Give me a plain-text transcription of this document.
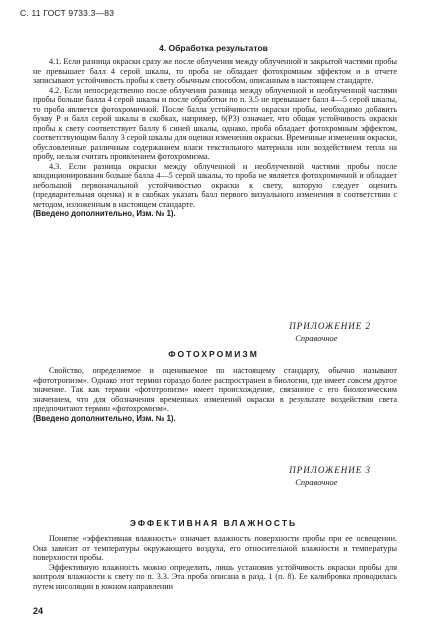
С. 11 ГОСТ 9733.3—83
4. Обработка результатов

4.1. Если разница окраски сразу же после облучения между облученной и закрытой частями пробы не превышает балл 4 серой шкалы, то проба не обладает фотохромным эффектом и в отчете записывают устойчивость пробы к свету обычным способом, описанным в настоящем стандарте.

4.2. Если непосредственно после облучения разница между облученной и необлученной частями пробы больше балла 4 серой шкалы и после обработки по п. 3.5 не превышает балл 4—5 серой шкалы, то проба является фотохромичной. После балла устойчивости окраски пробы, необходимо добавить букву Р и балл серой шкалы в скобках, например, 6(Р3) означает, что общая устойчивость окраски пробы к свету соответствует баллу 6 синей шкалы, однако, проба обладает фотохромным эффектом, соответствующим баллу 3 серой шкалы для оценки изменения окраски. Временные изменения окраски, обусловленные различным содержанием влаги текстильного материала или воздействием тепла на пробу, нельзя считать проявлением фотохромизма.

4.3. Если разница окраски между облученной и необлученной частями пробы после кондиционирования больше балла 4—5 серой шкалы, то проба не является фотохромичной и обладает небольшой первоначальной устойчивостью окраски к свету, которую следует оценить (предварительная оценка) и в скобках указать балл первого визуального изменения в соответствии с методом, изложенным в настоящем стандарте.

(Введено дополнительно, Изм. № 1).

ПРИЛОЖЕНИЕ 2
Справочное
ФОТОХРОМИЗМ

Свойство, определяемое и оцениваемое по настоящему стандарту, обычно называют «фототропизм». Однако этот термин гораздо более распространен в биологии, где имеет совсем другое значение. Так как термин «фототропизм» имеет происхождение, связанное с его биологическим значением, что для обозначения временных изменений окраски в результате воздействия света предпочитают термин «фотохромизм».

(Введено дополнительно, Изм. № 1).

ПРИЛОЖЕНИЕ 3
Справочное
ЭФФЕКТИВНАЯ ВЛАЖНОСТЬ

Понятие «эффективная влажность» означает влажность поверхности пробы при ее освещении. Она зависит от температуры окружающего воздуха, его относительной влажности и температуры поверхности пробы.

Эффективную влажность можно определить, лишь установив устойчивость окраски пробы для контроля влажности к свету по п. 3.3. Эта проба описана в разд. 1 (п. 8). Ее калибровка проводилась путем инсоляции в южном направлении

24
